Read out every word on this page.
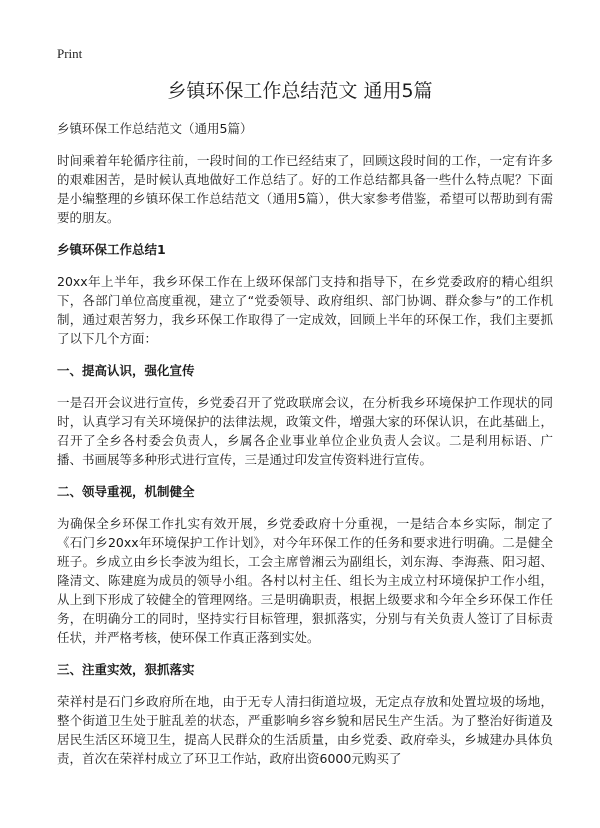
Print
乡镇环保工作总结范文 通用5篇
乡镇环保工作总结范文（通用5篇）

时间乘着年轮循序往前，一段时间的工作已经结束了，回顾这段时间的工作，一定有许多的艰难困苦，是时候认真地做好工作总结了。好的工作总结都具备一些什么特点呢？下面是小编整理的乡镇环保工作总结范文（通用5篇），供大家参考借鉴，希望可以帮助到有需要的朋友。

乡镇环保工作总结1

20xx年上半年，我乡环保工作在上级环保部门支持和指导下，在乡党委政府的精心组织下，各部门单位高度重视，建立了“党委领导、政府组织、部门协调、群众参与”的工作机制，通过艰苦努力，我乡环保工作取得了一定成效，回顾上半年的环保工作，我们主要抓了以下几个方面：

一、提高认识，强化宣传

一是召开会议进行宣传，乡党委召开了党政联席会议，在分析我乡环境保护工作现状的同时，认真学习有关环境保护的法律法规，政策文件，增强大家的环保认识，在此基础上，召开了全乡各村委会负责人，乡属各企业事业单位企业负责人会议。二是利用标语、广播、书画展等多种形式进行宣传，三是通过印发宣传资料进行宣传。

二、领导重视，机制健全

为确保全乡环保工作扎实有效开展，乡党委政府十分重视，一是结合本乡实际，制定了《石门乡20xx年环境保护工作计划》，对今年环保工作的任务和要求进行明确。二是健全班子。乡成立由乡长李波为组长，工会主席曾湘云为副组长，刘东海、李海燕、阳习超、隆清文、陈建庭为成员的领导小组。各村以村主任、组长为主成立村环境保护工作小组，从上到下形成了较健全的管理网络。三是明确职责，根据上级要求和今年全乡环保工作任务，在明确分工的同时，坚持实行目标管理，狠抓落实，分别与有关负责人签订了目标责任状，并严格考核，使环保工作真正落到实处。

三、注重实效，狠抓落实

荣祥村是石门乡政府所在地，由于无专人清扫街道垃圾，无定点存放和处置垃圾的场地，整个街道卫生处于脏乱差的状态，严重影响乡容乡貌和居民生产生活。为了整治好街道及居民生活区环境卫生，提高人民群众的生活质量，由乡党委、政府牵头，乡城建办具体负责，首次在荣祥村成立了环卫工作站，政府出资6000元购买了
